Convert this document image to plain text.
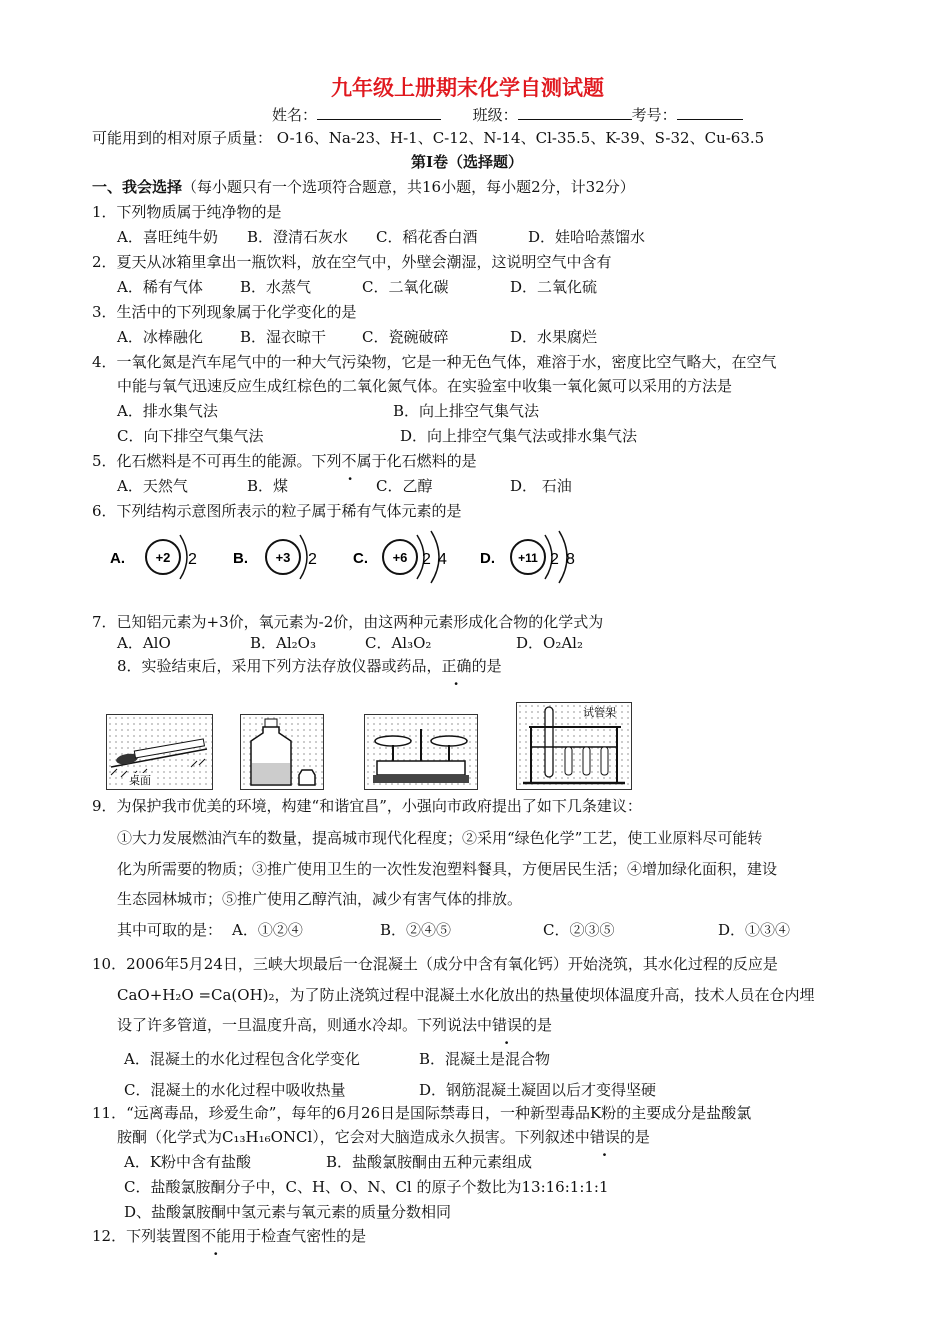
九年级上册期末化学自测试题
姓名：	班级：	考号：
可能用到的相对原子质量： O-16、Na-23、H-1、C-12、N-14、Cl-35.5、K-39、S-32、Cu-63.5
第Ⅰ卷（选择题）
一、我会选择（每小题只有一个选项符合题意，共16小题，每小题2分，计32分）
1．下列物质属于纯净物的是
A．喜旺纯牛奶 B．澄清石灰水 C．稻花香白酒	D．娃哈哈蒸馏水
2．夏天从冰箱里拿出一瓶饮料，放在空气中，外壁会潮湿，这说明空气中含有
A．稀有气体 B．水蒸气	C．二氧化碳	D．二氧化硫
3．生活中的下列现象属于化学变化的是
A．冰棒融化 B．湿衣晾干 C．瓷碗破碎	D．水果腐烂
4．一氧化氮是汽车尾气中的一种大气污染物，它是一种无色气体，难溶于水，密度比空气略大，在空气
中能与氧气迅速反应生成红棕色的二氧化氮气体。在实验室中收集一氧化氮可以采用的方法是
A．排水集气法	B．向上排空气集气法
C．向下排空气集气法	D．向上排空气集气法或排水集气法
5．化石燃料是不可再生的能源。下列不属于化石燃料的是
A．天然气	B．煤	C．乙醇	D． 石油
6．下列结构示意图所表示的粒子属于稀有气体元素的是
A. +2 2 B. +3 2 C. +6 2 4 D. +11 2 8
7．已知铝元素为+3价，氧元素为-2价，由这两种元素形成化合物的化学式为
A．AlO	B．Al₂O₃	C．Al₃O₂	D．O₂Al₂
8．实验结束后，采用下列方法存放仪器或药品，正确的是
桌面
试管架
9．为保护我市优美的环境，构建“和谐宜昌”，小强向市政府提出了如下几条建议：
①大力发展燃油汽车的数量，提高城市现代化程度；②采用“绿色化学”工艺，使工业原料尽可能转
化为所需要的物质；③推广使用卫生的一次性发泡塑料餐具，方便居民生活；④增加绿化面积，建设
生态园林城市；⑤推广使用乙醇汽油，减少有害气体的排放。
其中可取的是： A．①②④	B．②④⑤	C．②③⑤	D．①③④
10．2006年5月24日，三峡大坝最后一仓混凝土（成分中含有氧化钙）开始浇筑，其水化过程的反应是
CaO+H₂O =Ca(OH)₂，为了防止浇筑过程中混凝土水化放出的热量使坝体温度升高，技术人员在仓内埋
设了许多管道，一旦温度升高，则通水冷却。下列说法中错误的是
A．混凝土的水化过程包含化学变化	B．混凝土是混合物
C．混凝土的水化过程中吸收热量	D．钢筋混凝土凝固以后才变得坚硬
11．“远离毒品，珍爱生命”，每年的6月26日是国际禁毒日，一种新型毒品K粉的主要成分是盐酸氯
胺酮（化学式为C₁₃H₁₆ONCl），它会对大脑造成永久损害。下列叙述中错误的是
A．K粉中含有盐酸	B．盐酸氯胺酮由五种元素组成
C．盐酸氯胺酮分子中，C、H、O、N、Cl 的原子个数比为13:16:1:1:1
D、盐酸氯胺酮中氢元素与氧元素的质量分数相同
12．下列装置图不能用于检查气密性的是
